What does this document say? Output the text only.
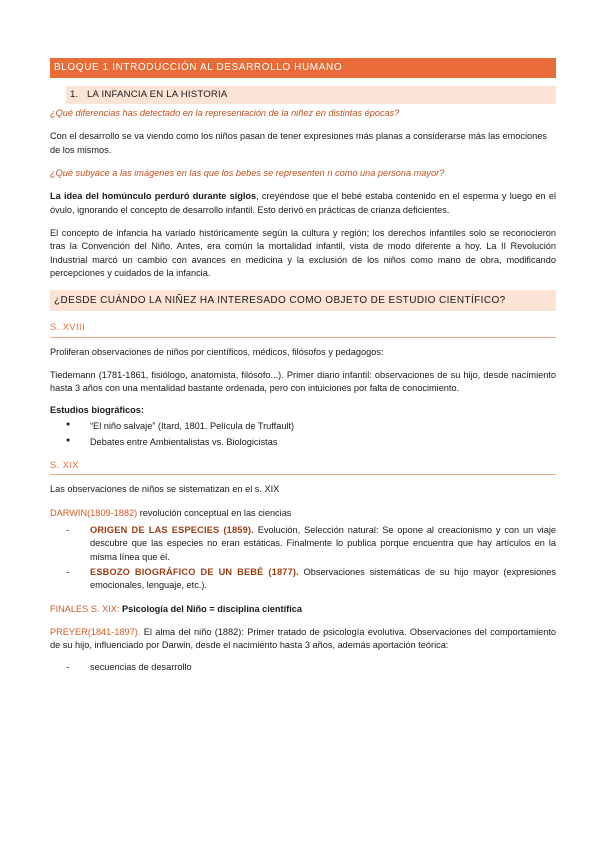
BLOQUE 1 INTRODUCCIÓN AL DESARROLLO HUMANO
1. LA INFANCIA EN LA HISTORIA

¿Qué diferencias has detectado en la representación de la niñez en distintas épocas?

Con el desarrollo se va viendo como los niños pasan de tener expresiones más planas a considerarse más las emociones de los mismos.

¿Qué subyace a las imágenes en las que los bebes se representen n como una persona mayor?

La idea del homúnculo perduró durante siglos, creyéndose que el bebé estaba contenido en el esperma y luego en el óvulo, ignorando el concepto de desarrollo infantil. Esto derivó en prácticas de crianza deficientes.

El concepto de infancia ha variado históricamente según la cultura y región; los derechos infantiles solo se reconocieron tras la Convención del Niño. Antes, era común la mortalidad infantil, vista de modo diferente a hoy. La II Revolución Industrial marcó un cambio con avances en medicina y la exclusión de los niños como mano de obra, modificando percepciones y cuidados de la infancia.

¿DESDE CUÁNDO LA NIÑEZ HA INTERESADO COMO OBJETO DE ESTUDIO CIENTÍFICO?
S. XVIII

Proliferan observaciones de niños por científicos, médicos, filósofos y pedagogos:

Tiedemann (1781-1861, fisiólogo, anatomista, filósofo...). Primer diario infantil: observaciones de su hijo, desde nacimiento hasta 3 años con una mentalidad bastante ordenada, pero con intuiciones por falta de conocimiento.

Estudios biográficos:

● “El niño salvaje” (Itard, 1801. Película de Truffault)
● Debates entre Ambientalistas vs. Biologicistas
S. XIX

Las observaciones de niños se sistematizan en el s. XIX

DARWIN(1809-1882) revolución conceptual en las ciencias

- ORIGEN DE LAS ESPECIES (1859). Evolución, Selección natural: Se opone al creacionismo y con un viaje descubre que las especies no eran estáticas. Finalmente lo publica porque encuentra que hay artículos en la misma línea que él.
- ESBOZO BIOGRÁFICO DE UN BEBÉ (1877). Observaciones sistemáticas de su hijo mayor (expresiones emocionales, lenguaje, etc.).

FINALES S. XIX: Psicología del Niño = disciplina científica

PREYER(1841-1897). El alma del niño (1882): Primer tratado de psicología evolutiva. Observaciones del comportamiento de su hijo, influenciado por Darwin, desde el nacimiento hasta 3 años, además aportación teórica:

- secuencias de desarrollo
